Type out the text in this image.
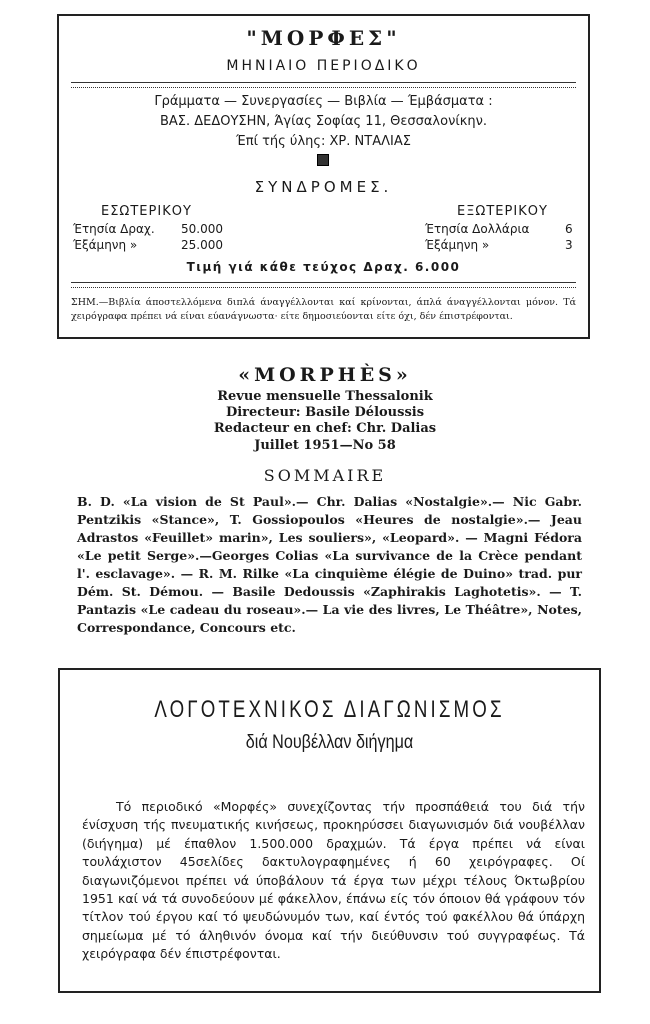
"ΜΟΡΦΕΣ"
ΜΗΝΙΑΙΟ ΠΕΡΙΟΔΙΚΟ
Γράμματα — Συνεργασίες — Βιβλία — Έμβάσματα :
ΒΑΣ. ΔΕΔΟΥΣΗΝ, Άγίας Σοφίας 11, Θεσσαλονίκην.
Έπί τής ύλης: ΧΡ. ΝΤΑΛΙΑΣ
ΣΥΝΔΡΟΜΕΣ.
ΕΣΩΤΕΡΙΚΟΥ
Έτησία Δραχ. 50.000
Έξάμηνη »	25.000
ΕΞΩΤΕΡΙΚΟΥ
Έτησία Δολλάρια	6
Έξάμηνη »	3
Τιμή γιά κάθε τεύχος Δραχ. 6.000
ΣΗΜ.—Βιβλία άποστελλόμενα διπλά άναγγέλλονται καί κρίνονται, άπλά άναγγέλλονται μόνον. Τά χειρόγραφα πρέπει νά είναι εύανάγνωστα· είτε δημοσιεύονται είτε όχι, δέν έπιστρέφονται.
«MORPHÈS»
Revue mensuelle Thessalonik
Directeur: Basile Déloussis
Redacteur en chef: Chr. Dalias
Juillet 1951—No 58
SOMMAIRE
B. D. «La vision de St Paul».— Chr. Dalias «Nostalgie».— Nic Gabr. Pentzikis «Stance», T. Gossiopoulos «Heures de nostalgie».— Jeau Adrastos «Feuillet» marin», Les souliers», «Leopard». — Magni Fédora «Le petit Serge».—Georges Colias «La survivance de la Crèce pendant l'. esclavage». — R. M. Rilke «La cinquième élégie de Duino» trad. pur Dém. St. Démou. — Basile Dedoussis «Zaphirakis Laghotetis». — T. Pantazis «Le cadeau du roseau».— La vie des livres, Le Théâtre», Notes, Correspondance, Concours etc.
ΛΟΓΟΤΕΧΝΙΚΟΣ ΔΙΑΓΩΝΙΣΜΟΣ
διά Νουβέλλαν διήγημα
Τό περιοδικό «Μορφές» συνεχίζοντας τήν προσπάθειά του διά τήν ένίσχυση τής πνευματικής κινήσεως, προκηρύσσει διαγωνισμόν διά νουβέλλαν (διήγημα) μέ έπαθλον 1.500.000 δραχμών. Τά έργα πρέπει νά είναι τουλάχιστον 45σελίδες δακτυλογραφημένες ή 60 χειρόγραφες. Οί διαγωνιζόμενοι πρέπει νά ύποβάλουν τά έργα των μέχρι τέλους Όκτωβρίου 1951 καί νά τά συνοδεύουν μέ φάκελλον, έπάνω είς τόν όποιον θά γράφουν τόν τίτλον τού έργου καί τό ψευδώνυμόν των, καί έντός τού φακέλλου θά ύπάρχη σημείωμα μέ τό άληθινόν όνομα καί τήν διεύθυνσιν τού συγγραφέως. Τά χειρόγραφα δέν έπιστρέφονται.
